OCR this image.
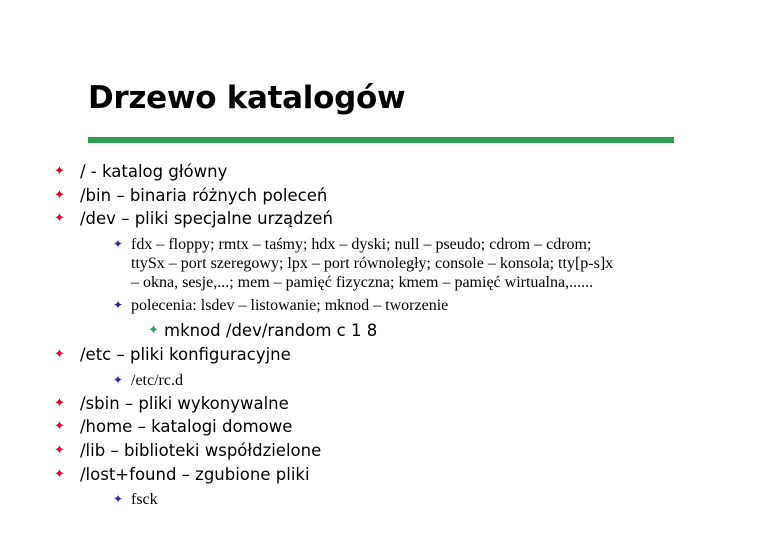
Drzewo katalogów
✦ / - katalog główny
✦ /bin – binaria różnych poleceń
✦ /dev – pliki specjalne urządzeń
✦ fdx – floppy; rmtx – taśmy; hdx – dyski; null – pseudo; cdrom – cdrom;
ttySx – port szeregowy; lpx – port równoległy; console – konsola; tty[p-s]x
– okna, sesje,...; mem – pamięć fizyczna; kmem – pamięć wirtualna,......
✦ polecenia: lsdev – listowanie; mknod – tworzenie
✦ mknod /dev/random c 1 8
✦ /etc – pliki konfiguracyjne
✦ /etc/rc.d
✦ /sbin – pliki wykonywalne
✦ /home – katalogi domowe
✦ /lib – biblioteki współdzielone
✦ /lost+found – zgubione pliki
✦ fsck
